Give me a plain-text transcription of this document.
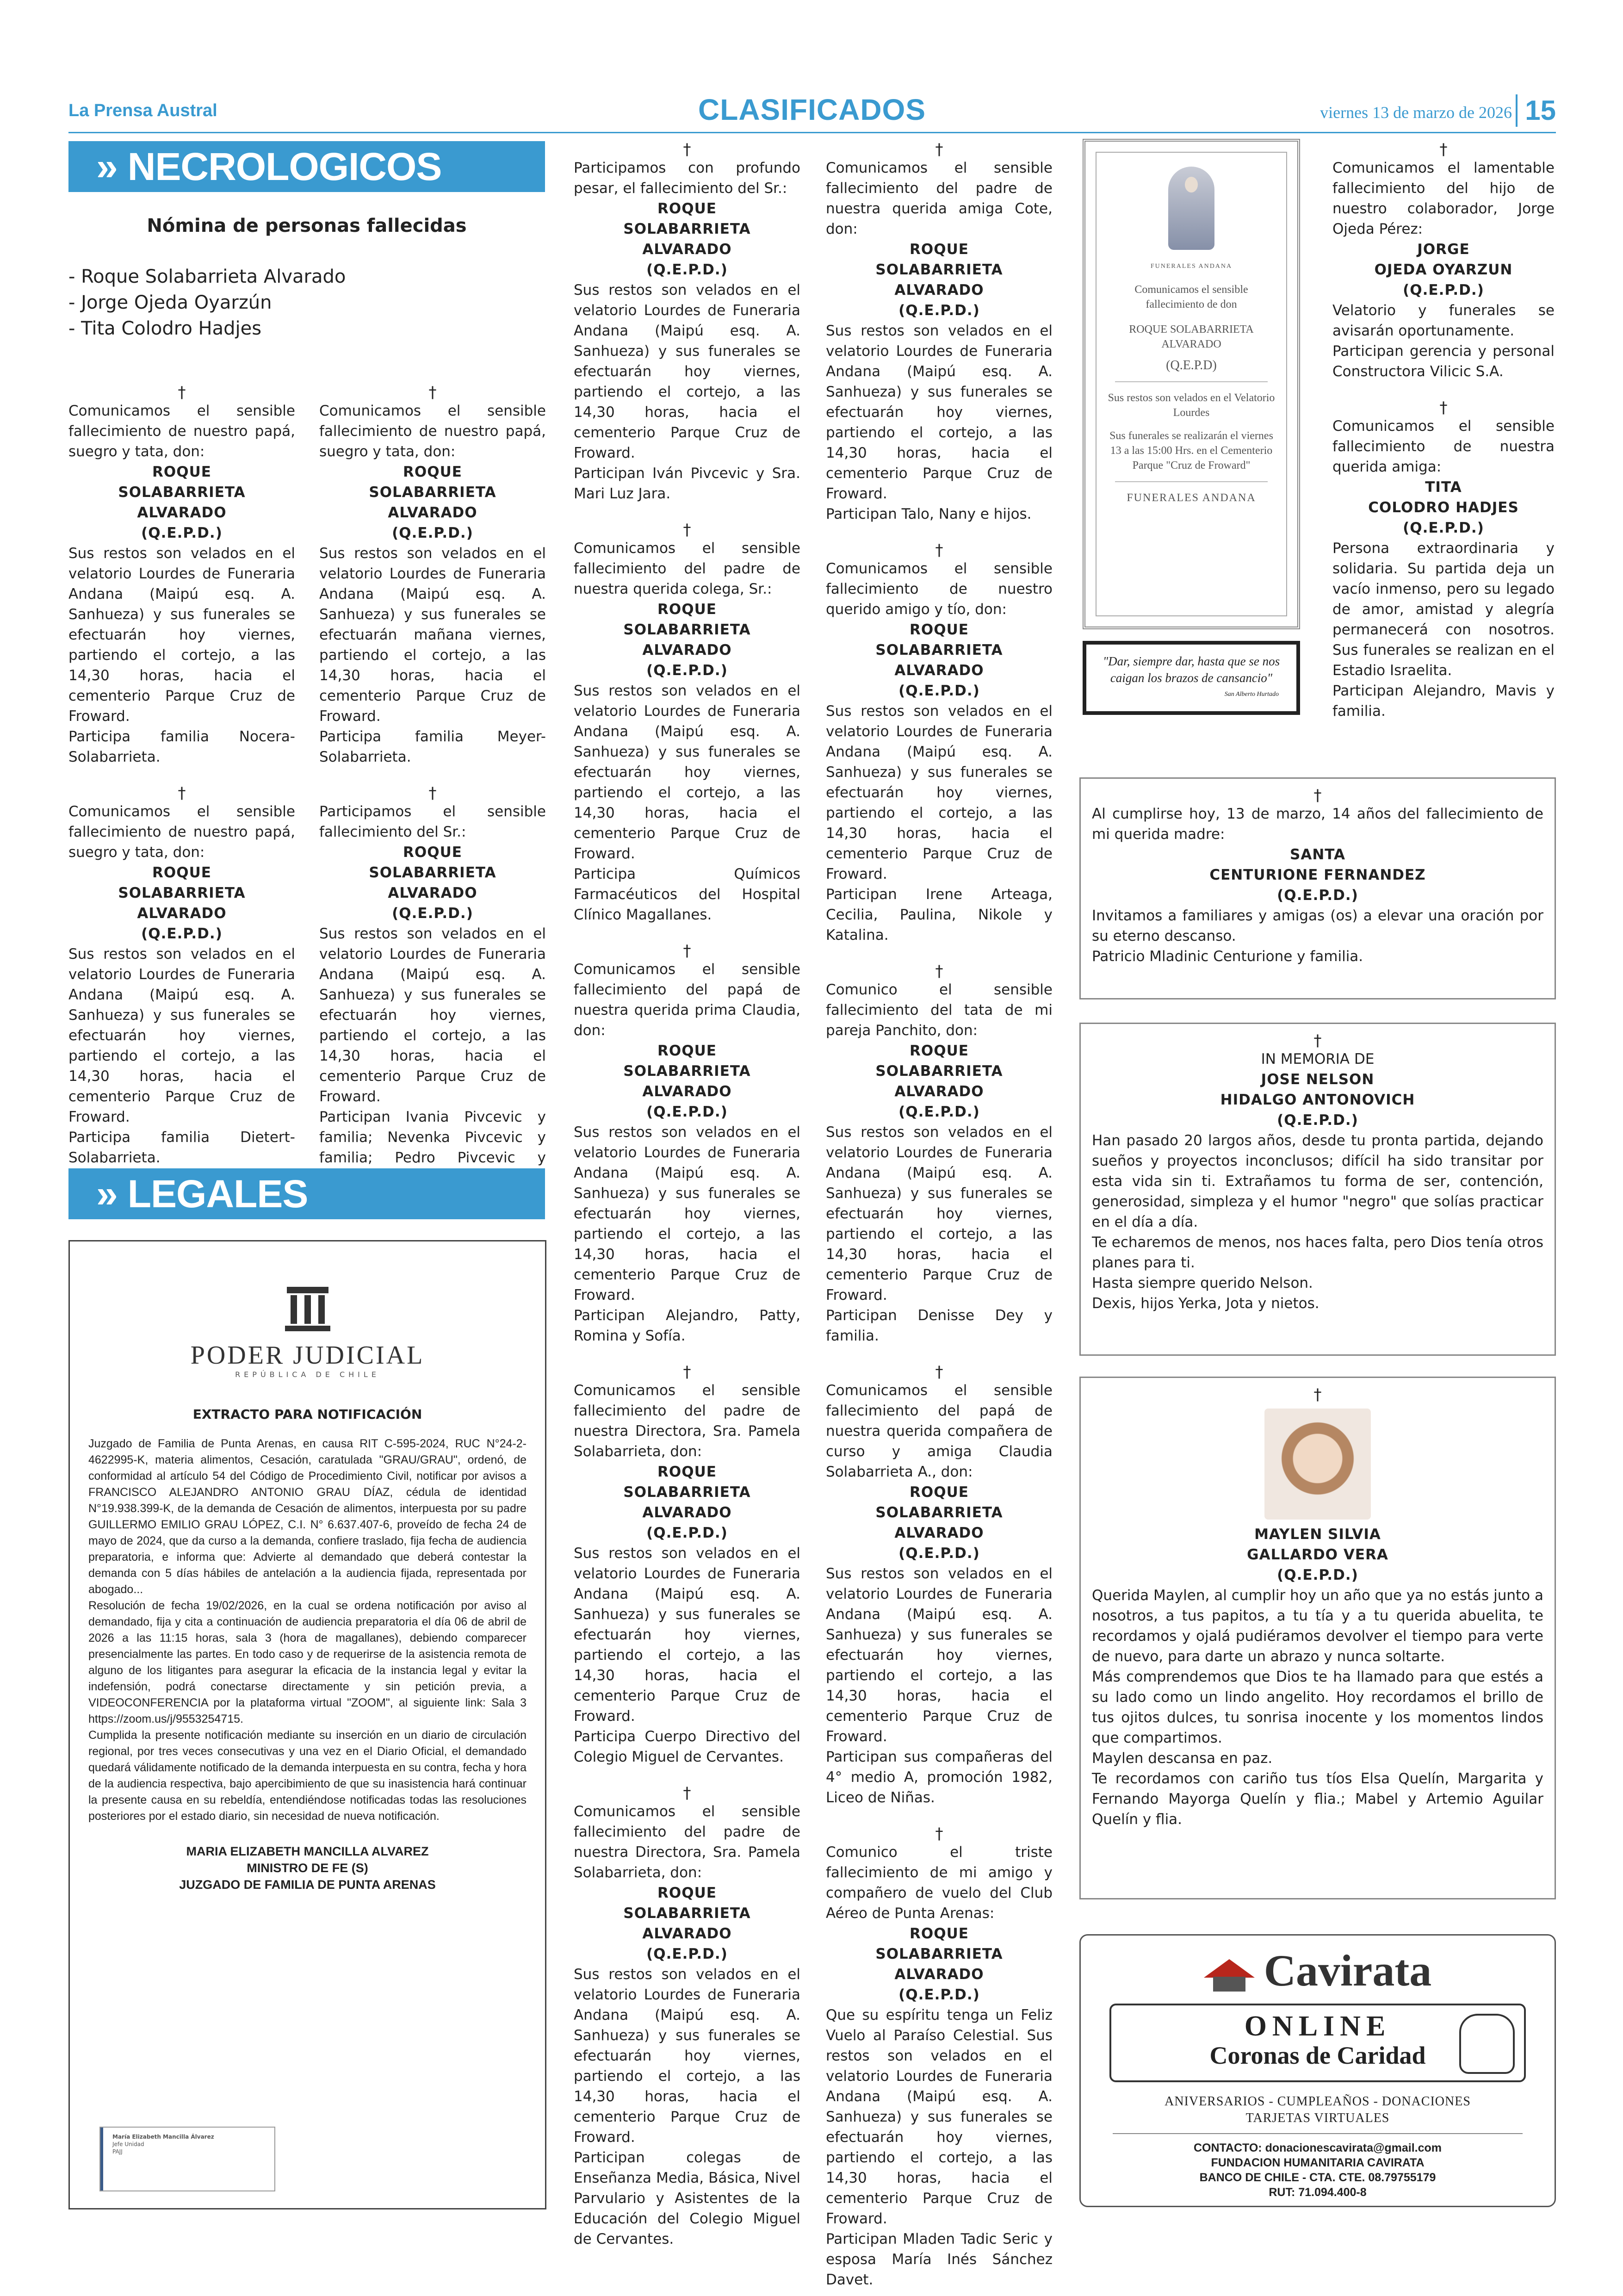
La Prensa Austral	CLASIFICADOS	viernes 13 de marzo de 2026 15
» NECROLOGICOS
Nómina de personas fallecidas
- Roque Solabarrieta Alvarado
- Jorge Ojeda Oyarzún
- Tita Colodro Hadjes
†
Comunicamos el sensible fallecimiento de nuestro papá, suegro y tata, don:
ROQUE
SOLABARRIETA
ALVARADO
(Q.E.P.D.)
Sus restos son velados en el velatorio Lourdes de Funeraria Andana (Maipú esq. A. Sanhueza) y sus funerales se efectuarán hoy viernes, partiendo el cortejo, a las 14,30 horas, hacia el cementerio Parque Cruz de Froward.
Participa familia Nocera-Solabarrieta.
†
Comunicamos el sensible fallecimiento de nuestro papá, suegro y tata, don:
ROQUE
SOLABARRIETA
ALVARADO
(Q.E.P.D.)
Sus restos son velados en el velatorio Lourdes de Funeraria Andana (Maipú esq. A. Sanhueza) y sus funerales se efectuarán hoy viernes, partiendo el cortejo, a las 14,30 horas, hacia el cementerio Parque Cruz de Froward.
Participa familia Dietert-Solabarrieta.
†
Comunicamos el sensible fallecimiento de nuestro papá, suegro y tata, don:
ROQUE
SOLABARRIETA
ALVARADO
(Q.E.P.D.)
Sus restos son velados en el velatorio Lourdes de Funeraria Andana (Maipú esq. A. Sanhueza) y sus funerales se efectuarán mañana viernes, partiendo el cortejo, a las 14,30 horas, hacia el cementerio Parque Cruz de Froward.
Participa familia Meyer- Solabarrieta.
†
Participamos el sensible fallecimiento del Sr.:
ROQUE
SOLABARRIETA
ALVARADO
(Q.E.P.D.)
Sus restos son velados en el velatorio Lourdes de Funeraria Andana (Maipú esq. A. Sanhueza) y sus funerales se efectuarán hoy viernes, partiendo el cortejo, a las 14,30 horas, hacia el cementerio Parque Cruz de Froward.
Participan Ivania Pivcevic y familia; Nevenka Pivcevic y familia; Pedro Pivcevic y
» LEGALES
PODER JUDICIAL
REPÚBLICA DE CHILE
EXTRACTO PARA NOTIFICACIÓN
Juzgado de Familia de Punta Arenas, en causa RIT C-595-2024, RUC N°24-2-4622995-K, materia alimentos, Cesación, caratulada "GRAU/GRAU", ordenó, de conformidad al artículo 54 del Código de Procedimiento Civil, notificar por avisos a FRANCISCO ALEJANDRO ANTONIO GRAU DÍAZ, cédula de identidad N°19.938.399-K, de la demanda de Cesación de alimentos, interpuesta por su padre GUILLERMO EMILIO GRAU LÓPEZ, C.I. N° 6.637.407-6, proveído de fecha 24 de mayo de 2024, que da curso a la demanda, confiere traslado, fija fecha de audiencia preparatoria, e informa que: Advierte al demandado que deberá contestar la demanda con 5 días hábiles de antelación a la audiencia fijada, representada por abogado...
Resolución de fecha 19/02/2026, en la cual se ordena notificación por aviso al demandado, fija y cita a continuación de audiencia preparatoria el día 06 de abril de 2026 a las 11:15 horas, sala 3 (hora de magallanes), debiendo comparecer presencialmente las partes. En todo caso y de requerirse de la asistencia remota de alguno de los litigantes para asegurar la eficacia de la instancia legal y evitar la indefensión, podrá conectarse directamente y sin petición previa, a VIDEOCONFERENCIA por la plataforma virtual "ZOOM", al siguiente link: Sala 3 https://zoom.us/j/9553254715.
Cumplida la presente notificación mediante su inserción en un diario de circulación regional, por tres veces consecutivas y una vez en el Diario Oficial, el demandado quedará válidamente notificado de la demanda interpuesta en su contra, fecha y hora de la audiencia respectiva, bajo apercibimiento de que su inasistencia hará continuar la presente causa en su rebeldía, entendiéndose notificadas todas las resoluciones posteriores por el estado diario, sin necesidad de nueva notificación.
MARIA ELIZABETH MANCILLA ALVAREZ
MINISTRO DE FE (S)
JUZGADO DE FAMILIA DE PUNTA ARENAS
María Elizabeth Mancilla Álvarez
Jefe Unidad
PAJJ
†
Participamos con profundo pesar, el fallecimiento del Sr.:
ROQUE
SOLABARRIETA
ALVARADO
(Q.E.P.D.)
Sus restos son velados en el velatorio Lourdes de Funeraria Andana (Maipú esq. A. Sanhueza) y sus funerales se efectuarán hoy viernes, partiendo el cortejo, a las 14,30 horas, hacia el cementerio Parque Cruz de Froward.
Participan Iván Pivcevic y Sra. Mari Luz Jara.
†
Comunicamos el sensible fallecimiento del padre de nuestra querida colega, Sr.:
ROQUE
SOLABARRIETA
ALVARADO
(Q.E.P.D.)
Sus restos son velados en el velatorio Lourdes de Funeraria Andana (Maipú esq. A. Sanhueza) y sus funerales se efectuarán hoy viernes, partiendo el cortejo, a las 14,30 horas, hacia el cementerio Parque Cruz de Froward.
Participa Químicos Farmacéuticos del Hospital Clínico Magallanes.
†
Comunicamos el sensible fallecimiento del papá de nuestra querida prima Claudia, don:
ROQUE
SOLABARRIETA
ALVARADO
(Q.E.P.D.)
Sus restos son velados en el velatorio Lourdes de Funeraria Andana (Maipú esq. A. Sanhueza) y sus funerales se efectuarán hoy viernes, partiendo el cortejo, a las 14,30 horas, hacia el cementerio Parque Cruz de Froward.
Participan Alejandro, Patty, Romina y Sofía.
†
Comunicamos el sensible fallecimiento del padre de nuestra Directora, Sra. Pamela Solabarrieta, don:
ROQUE
SOLABARRIETA
ALVARADO
(Q.E.P.D.)
Sus restos son velados en el velatorio Lourdes de Funeraria Andana (Maipú esq. A. Sanhueza) y sus funerales se efectuarán hoy viernes, partiendo el cortejo, a las 14,30 horas, hacia el cementerio Parque Cruz de Froward.
Participa Cuerpo Directivo del Colegio Miguel de Cervantes.
†
Comunicamos el sensible fallecimiento del padre de nuestra Directora, Sra. Pamela Solabarrieta, don:
ROQUE
SOLABARRIETA
ALVARADO
(Q.E.P.D.)
Sus restos son velados en el velatorio Lourdes de Funeraria Andana (Maipú esq. A. Sanhueza) y sus funerales se efectuarán hoy viernes, partiendo el cortejo, a las 14,30 horas, hacia el cementerio Parque Cruz de Froward.
Participan colegas de Enseñanza Media, Básica, Nivel Parvulario y Asistentes de la Educación del Colegio Miguel de Cervantes.
†
Comunicamos el sensible fallecimiento del padre de nuestra querida amiga Cote, don:
ROQUE
SOLABARRIETA
ALVARADO
(Q.E.P.D.)
Sus restos son velados en el velatorio Lourdes de Funeraria Andana (Maipú esq. A. Sanhueza) y sus funerales se efectuarán hoy viernes, partiendo el cortejo, a las 14,30 horas, hacia el cementerio Parque Cruz de Froward.
Participan Talo, Nany e hijos.
†
Comunicamos el sensible fallecimiento de nuestro querido amigo y tío, don:
ROQUE
SOLABARRIETA
ALVARADO
(Q.E.P.D.)
Sus restos son velados en el velatorio Lourdes de Funeraria Andana (Maipú esq. A. Sanhueza) y sus funerales se efectuarán hoy viernes, partiendo el cortejo, a las 14,30 horas, hacia el cementerio Parque Cruz de Froward.
Participan Irene Arteaga, Cecilia, Paulina, Nikole y Katalina.
†
Comunico el sensible fallecimiento del tata de mi pareja Panchito, don:
ROQUE
SOLABARRIETA
ALVARADO
(Q.E.P.D.)
Sus restos son velados en el velatorio Lourdes de Funeraria Andana (Maipú esq. A. Sanhueza) y sus funerales se efectuarán hoy viernes, partiendo el cortejo, a las 14,30 horas, hacia el cementerio Parque Cruz de Froward.
Participan Denisse Dey y familia.
†
Comunicamos el sensible fallecimiento del papá de nuestra querida compañera de curso y amiga Claudia Solabarrieta A., don:
ROQUE
SOLABARRIETA
ALVARADO
(Q.E.P.D.)
Sus restos son velados en el velatorio Lourdes de Funeraria Andana (Maipú esq. A. Sanhueza) y sus funerales se efectuarán hoy viernes, partiendo el cortejo, a las 14,30 horas, hacia el cementerio Parque Cruz de Froward.
Participan sus compañeras del 4° medio A, promoción 1982, Liceo de Niñas.
†
Comunico el triste fallecimiento de mi amigo y compañero de vuelo del Club Aéreo de Punta Arenas:
ROQUE
SOLABARRIETA
ALVARADO
(Q.E.P.D.)
Que su espíritu tenga un Feliz Vuelo al Paraíso Celestial. Sus restos son velados en el velatorio Lourdes de Funeraria Andana (Maipú esq. A. Sanhueza) y sus funerales se efectuarán hoy viernes, partiendo el cortejo, a las 14,30 horas, hacia el cementerio Parque Cruz de Froward.
Participan Mladen Tadic Seric y esposa María Inés Sánchez Davet.
FUNERALES ANDANA
Comunicamos el sensible fallecimiento de don
ROQUE SOLABARRIETA ALVARADO
(Q.E.P.D)
Sus restos son velados en el Velatorio Lourdes
Sus funerales se realizarán el viernes 13 a las 15:00 Hrs. en el Cementerio Parque "Cruz de Froward"
FUNERALES ANDANA
"Dar, siempre dar, hasta que se nos caigan los brazos de cansancio"
San Alberto Hurtado
†
Comunicamos el lamentable fallecimiento del hijo de nuestro colaborador, Jorge Ojeda Pérez:
JORGE
OJEDA OYARZUN
(Q.E.P.D.)
Velatorio y funerales se avisarán oportunamente.
Participan gerencia y personal Constructora Vilicic S.A.
†
Comunicamos el sensible fallecimiento de nuestra querida amiga:
TITA
COLODRO HADJES
(Q.E.P.D.)
Persona extraordinaria y solidaria. Su partida deja un vacío inmenso, pero su legado de amor, amistad y alegría permanecerá con nosotros. Sus funerales se realizan en el Estadio Israelita.
Participan Alejandro, Mavis y familia.
†
Al cumplirse hoy, 13 de marzo, 14 años del fallecimiento de mi querida madre:
SANTA
CENTURIONE FERNANDEZ
(Q.E.P.D.)
Invitamos a familiares y amigas (os) a elevar una oración por su eterno descanso.
Patricio Mladinic Centurione y familia.
†
IN MEMORIA DE
JOSE NELSON
HIDALGO ANTONOVICH
(Q.E.P.D.)
Han pasado 20 largos años, desde tu pronta partida, dejando sueños y proyectos inconclusos; difícil ha sido transitar por esta vida sin ti. Extrañamos tu forma de ser, contención, generosidad, simpleza y el humor "negro" que solías practicar en el día a día.
Te echaremos de menos, nos haces falta, pero Dios tenía otros planes para ti.
Hasta siempre querido Nelson.
Dexis, hijos Yerka, Jota y nietos.
†
MAYLEN SILVIA
GALLARDO VERA
(Q.E.P.D.)
Querida Maylen, al cumplir hoy un año que ya no estás junto a nosotros, a tus papitos, a tu tía y a tu querida abuelita, te recordamos y ojalá pudiéramos devolver el tiempo para verte de nuevo, para darte un abrazo y nunca soltarte.
Más comprendemos que Dios te ha llamado para que estés a su lado como un lindo angelito. Hoy recordamos el brillo de tus ojitos dulces, tu sonrisa inocente y los momentos lindos que compartimos.
Maylen descansa en paz.
Te recordamos con cariño tus tíos Elsa Quelín, Margarita y Fernando Mayorga Quelín y flia.; Mabel y Artemio Aguilar Quelín y flia.
Cavirata
ONLINE
Coronas de Caridad
ANIVERSARIOS - CUMPLEAÑOS - DONACIONES
TARJETAS VIRTUALES
CONTACTO: donacionescavirata@gmail.com
FUNDACION HUMANITARIA CAVIRATA
BANCO DE CHILE - CTA. CTE. 08.79755179
RUT: 71.094.400-8
